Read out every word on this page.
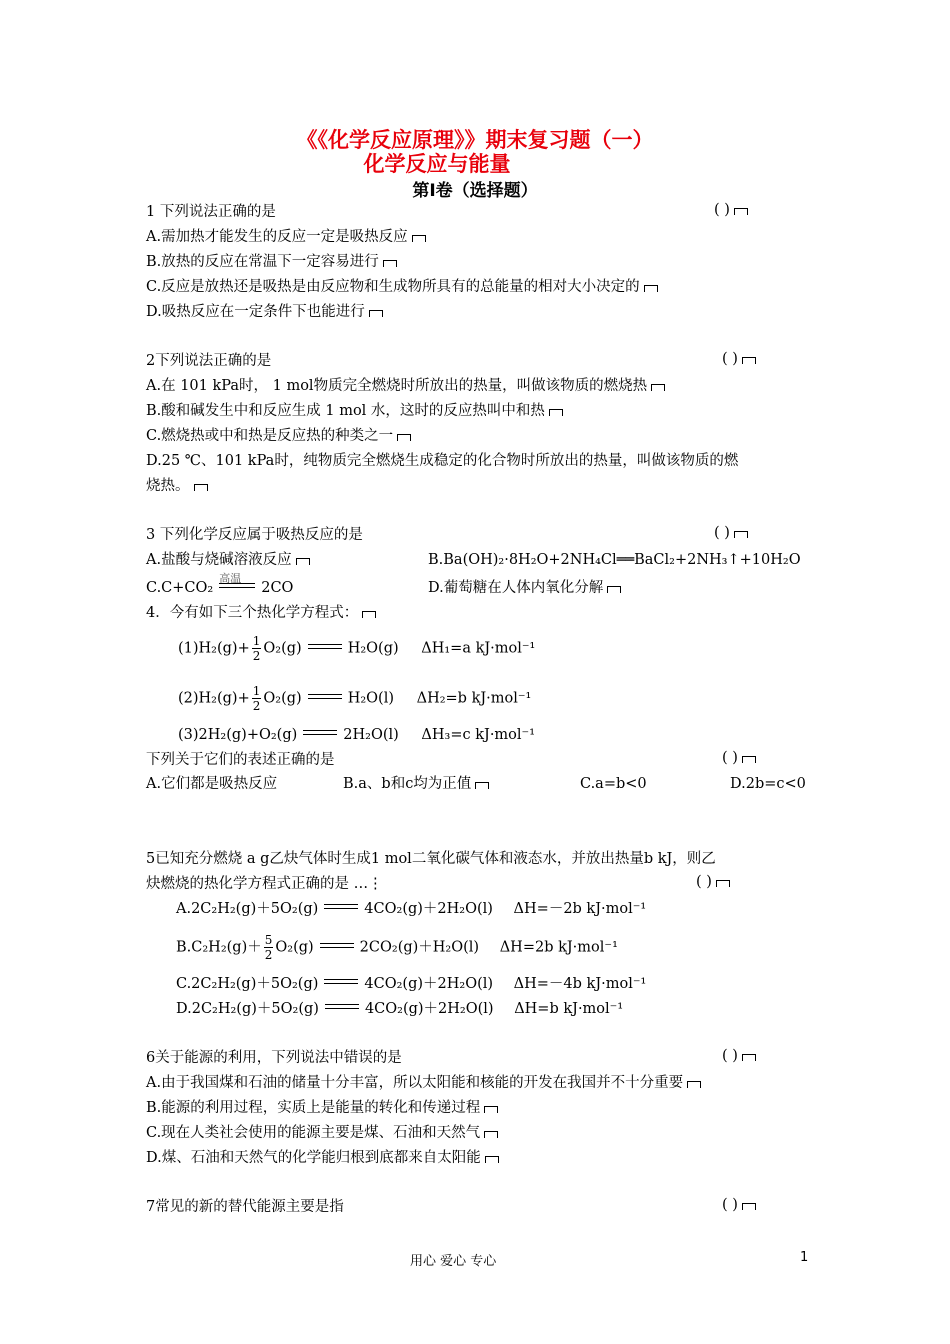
《《化学反应原理》》期末复习题（一）
化学反应与能量
第Ⅰ卷（选择题）
1 下列说法正确的是	( )
A.需加热才能发生的反应一定是吸热反应
B.放热的反应在常温下一定容易进行
C.反应是放热还是吸热是由反应物和生成物所具有的总能量的相对大小决定的
D.吸热反应在一定条件下也能进行
2下列说法正确的是	( )
A.在 101 kPa时， 1 mol物质完全燃烧时所放出的热量，叫做该物质的燃烧热
B.酸和碱发生中和反应生成 1 mol 水，这时的反应热叫中和热
C.燃烧热或中和热是反应热的种类之一
D.25 ℃、101 kPa时，纯物质完全燃烧生成稳定的化合物时所放出的热量，叫做该物质的燃
烧热。
3 下列化学反应属于吸热反应的是	( )
A.盐酸与烧碱溶液反应	B.Ba(OH)₂·8H₂O+2NH₄Cl══BaCl₂+2NH₃↑+10H₂O
C.C+CO₂
高温
2CO	D.葡萄糖在人体内氧化分解
4．今有如下三个热化学方程式：
$(1)H_2(g)+ \frac{1}{2} O_2(g)$	H₂O(g) ΔH₁=a kJ·mol⁻¹
$(2)H_2(g)+ \frac{1}{2} O_2(g)$	H₂O(l) ΔH₂=b kJ·mol⁻¹
(3)2H₂(g)+O₂(g)	2H₂O(l) ΔH₃=c kJ·mol⁻¹
下列关于它们的表述正确的是	( )
A.它们都是吸热反应	B.a、b和c均为正值	C.a=b<0	D.2b=c<0
5已知充分燃烧 a g乙炔气体时生成1 mol二氧化碳气体和液态水，并放出热量b kJ，则乙
炔燃烧的热化学方程式正确的是 …⋮	( )
A.2C₂H₂(g)＋5O₂(g)	4CO₂(g)＋2H₂O(l) ΔH=－2b kJ·mol⁻¹
$B.C_2H_2(g)+ \frac{5}{2} O_2(g)$	2CO₂(g)＋H₂O(l) ΔH=2b kJ·mol⁻¹
C.2C₂H₂(g)＋5O₂(g)	4CO₂(g)＋2H₂O(l) ΔH=－4b kJ·mol⁻¹
D.2C₂H₂(g)＋5O₂(g)	4CO₂(g)＋2H₂O(l) ΔH=b kJ·mol⁻¹
6关于能源的利用，下列说法中错误的是	( )
A.由于我国煤和石油的储量十分丰富，所以太阳能和核能的开发在我国并不十分重要
B.能源的利用过程，实质上是能量的转化和传递过程
C.现在人类社会使用的能源主要是煤、石油和天然气
D.煤、石油和天然气的化学能归根到底都来自太阳能
7常见的新的替代能源主要是指	( )
用心 爱心 专心	1
